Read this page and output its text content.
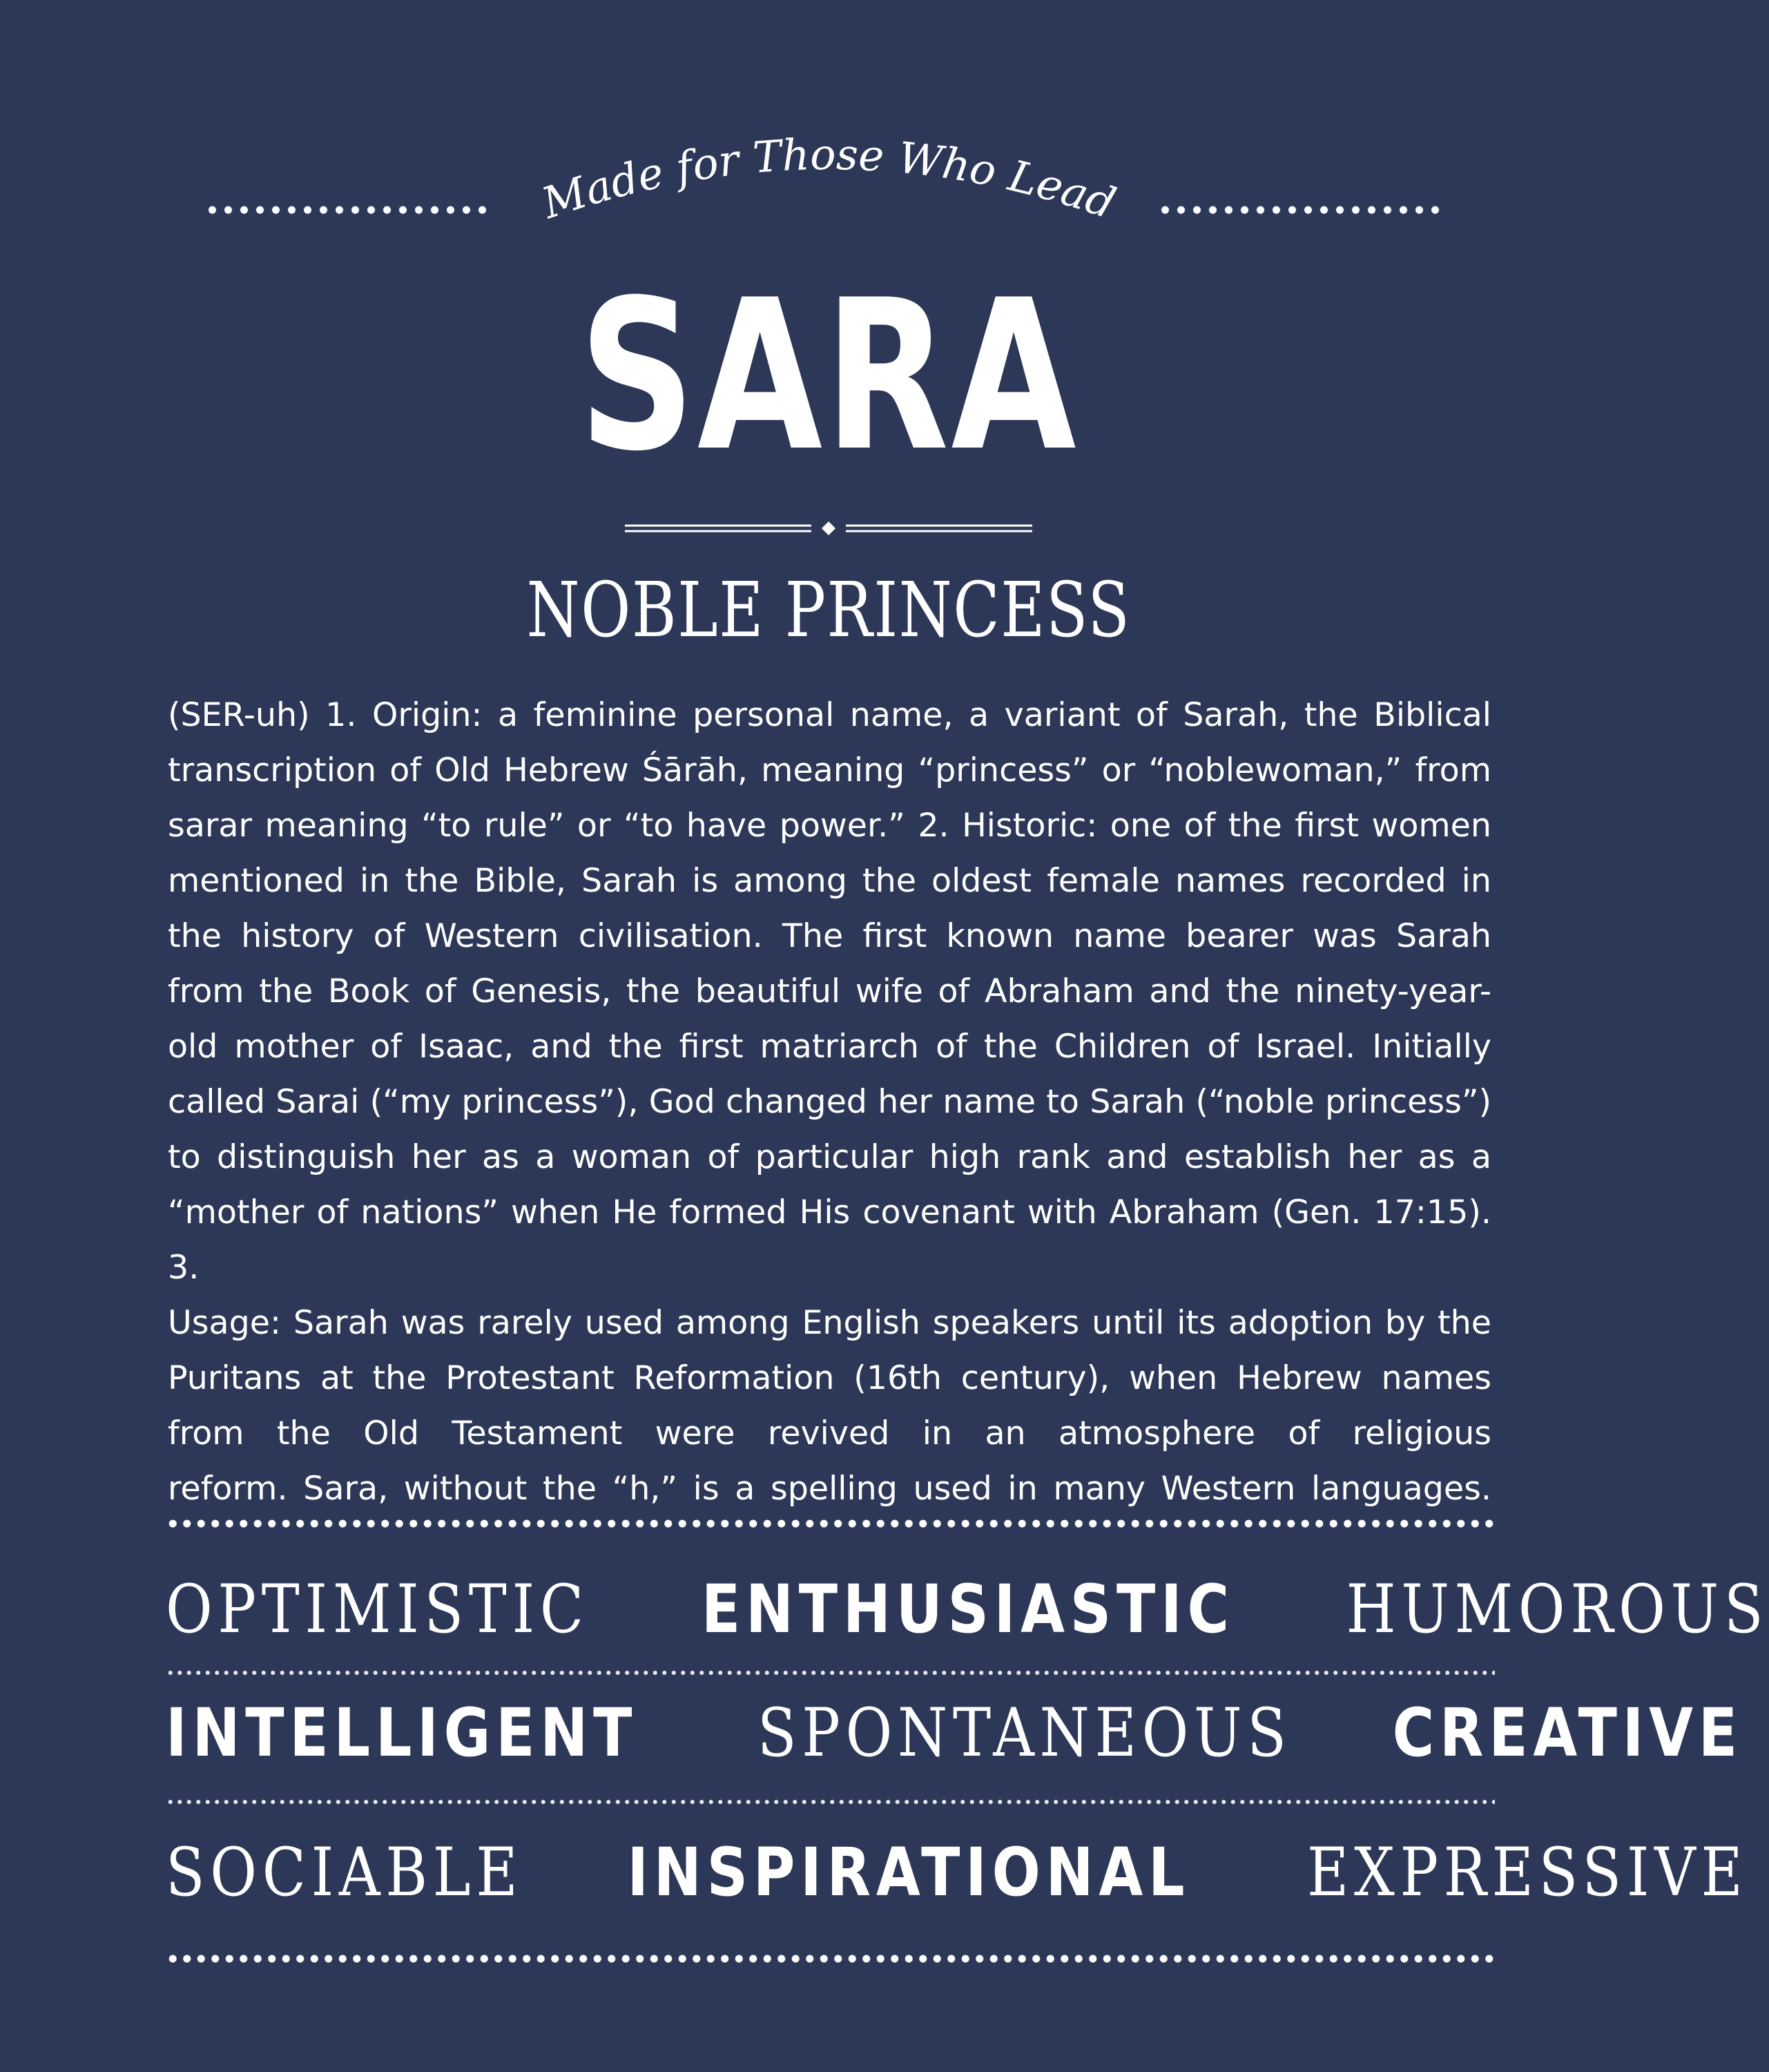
Made for Those Who Lead
SARA
NOBLE PRINCESS

(SER-uh) 1. Origin: a feminine personal name, a variant of Sarah, the Biblical

transcription of Old Hebrew Śārāh, meaning “princess” or “noblewoman,” from

sarar meaning “to rule” or “to have power.” 2. Historic: one of the first women

mentioned in the Bible, Sarah is among the oldest female names recorded in

the history of Western civilisation. The first known name bearer was Sarah

from the Book of Genesis, the beautiful wife of Abraham and the ninety-year-

old mother of Isaac, and the first matriarch of the Children of Israel. Initially

called Sarai (“my princess”), God changed her name to Sarah (“noble princess”)

to distinguish her as a woman of particular high rank and establish her as a

“mother of nations” when He formed His covenant with Abraham (Gen. 17:15). 3.

Usage: Sarah was rarely used among English speakers until its adoption by the

Puritans at the Protestant Reformation (16th century), when Hebrew names

from the Old Testament were revived in an atmosphere of religious

reform. Sara, without the “h,” is a spelling used in many Western languages.

OPTIMISTIC ENTHUSIASTIC HUMOROUS
INTELLIGENT SPONTANEOUS CREATIVE
SOCIABLE INSPIRATIONAL EXPRESSIVE
